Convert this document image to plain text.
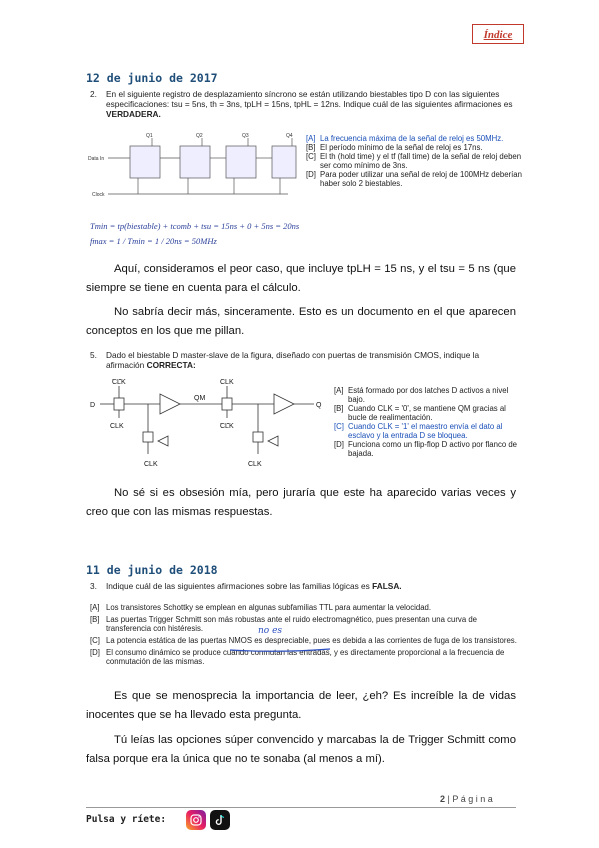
Índice
12 de junio de 2017
2. En el siguiente registro de desplazamiento síncrono se están utilizando biestables tipo D con las siguientes
especificaciones: tsu = 5ns, th = 3ns, tpLH = 15ns, tpHL = 12ns. Indique cuál de las siguientes afirmaciones es
VERDADERA.
Q1	Q2	Q3	Q4
Data In
Clock
[A] La frecuencia máxima de la señal de reloj es 50MHz.
[B] El período mínimo de la señal de reloj es 17ns.
[C] El th (hold time) y el tf (fall time) de la señal de reloj deben ser como mínimo de 3ns.
[D] Para poder utilizar una señal de reloj de 100MHz deberían haber solo 2 biestables.
Tmin = tp(biestable) + tcomb + tsu = 15ns + 0 + 5ns = 20ns
fmax = 1 / Tmin = 1 / 20ns = 50MHz
Aquí, consideramos el peor caso, que incluye tpLH = 15 ns, y el tsu = 5 ns (que siempre se tiene en cuenta para el cálculo.
No sabría decir más, sinceramente. Esto es un documento en el que aparecen conceptos en los que me pillan.
5. Dado el biestable D master-slave de la figura, diseñado con puertas de transmisión CMOS, indique la
afirmación CORRECTA:
CLK
CLK
CLK
QM
CLK
CLK
CLK
D	Q
[A] Está formado por dos latches D activos a nivel bajo.
[B] Cuando CLK = '0', se mantiene QM gracias al bucle de realimentación.
[C] Cuando CLK = '1' el maestro envía el dato al esclavo y la entrada D se bloquea.
[D] Funciona como un flip-flop D activo por flanco de bajada.
No sé si es obsesión mía, pero juraría que este ha aparecido varias veces y creo que con las mismas respuestas.
11 de junio de 2018
3. Indique cuál de las siguientes afirmaciones sobre las familias lógicas es FALSA.
[A] Los transistores Schottky se emplean en algunas subfamilias TTL para aumentar la velocidad.
[B] Las puertas Trigger Schmitt son más robustas ante el ruido electromagnético, pues presentan una curva de transferencia con histéresis.
[C] La potencia estática de las puertas NMOS es despreciable, pues es debida a las corrientes de fuga de los transistores.
[D] El consumo dinámico se produce cuando conmutan las entradas, y es directamente proporcional a la frecuencia de conmutación de las mismas.
no es
Es que se menosprecia la importancia de leer, ¿eh? Es increíble la de vidas inocentes que se ha llevado esta pregunta.
Tú leías las opciones súper convencido y marcabas la de Trigger Schmitt como falsa porque era la única que no te sonaba (al menos a mí).
2 | P á g i n a
Pulsa y ríete:
